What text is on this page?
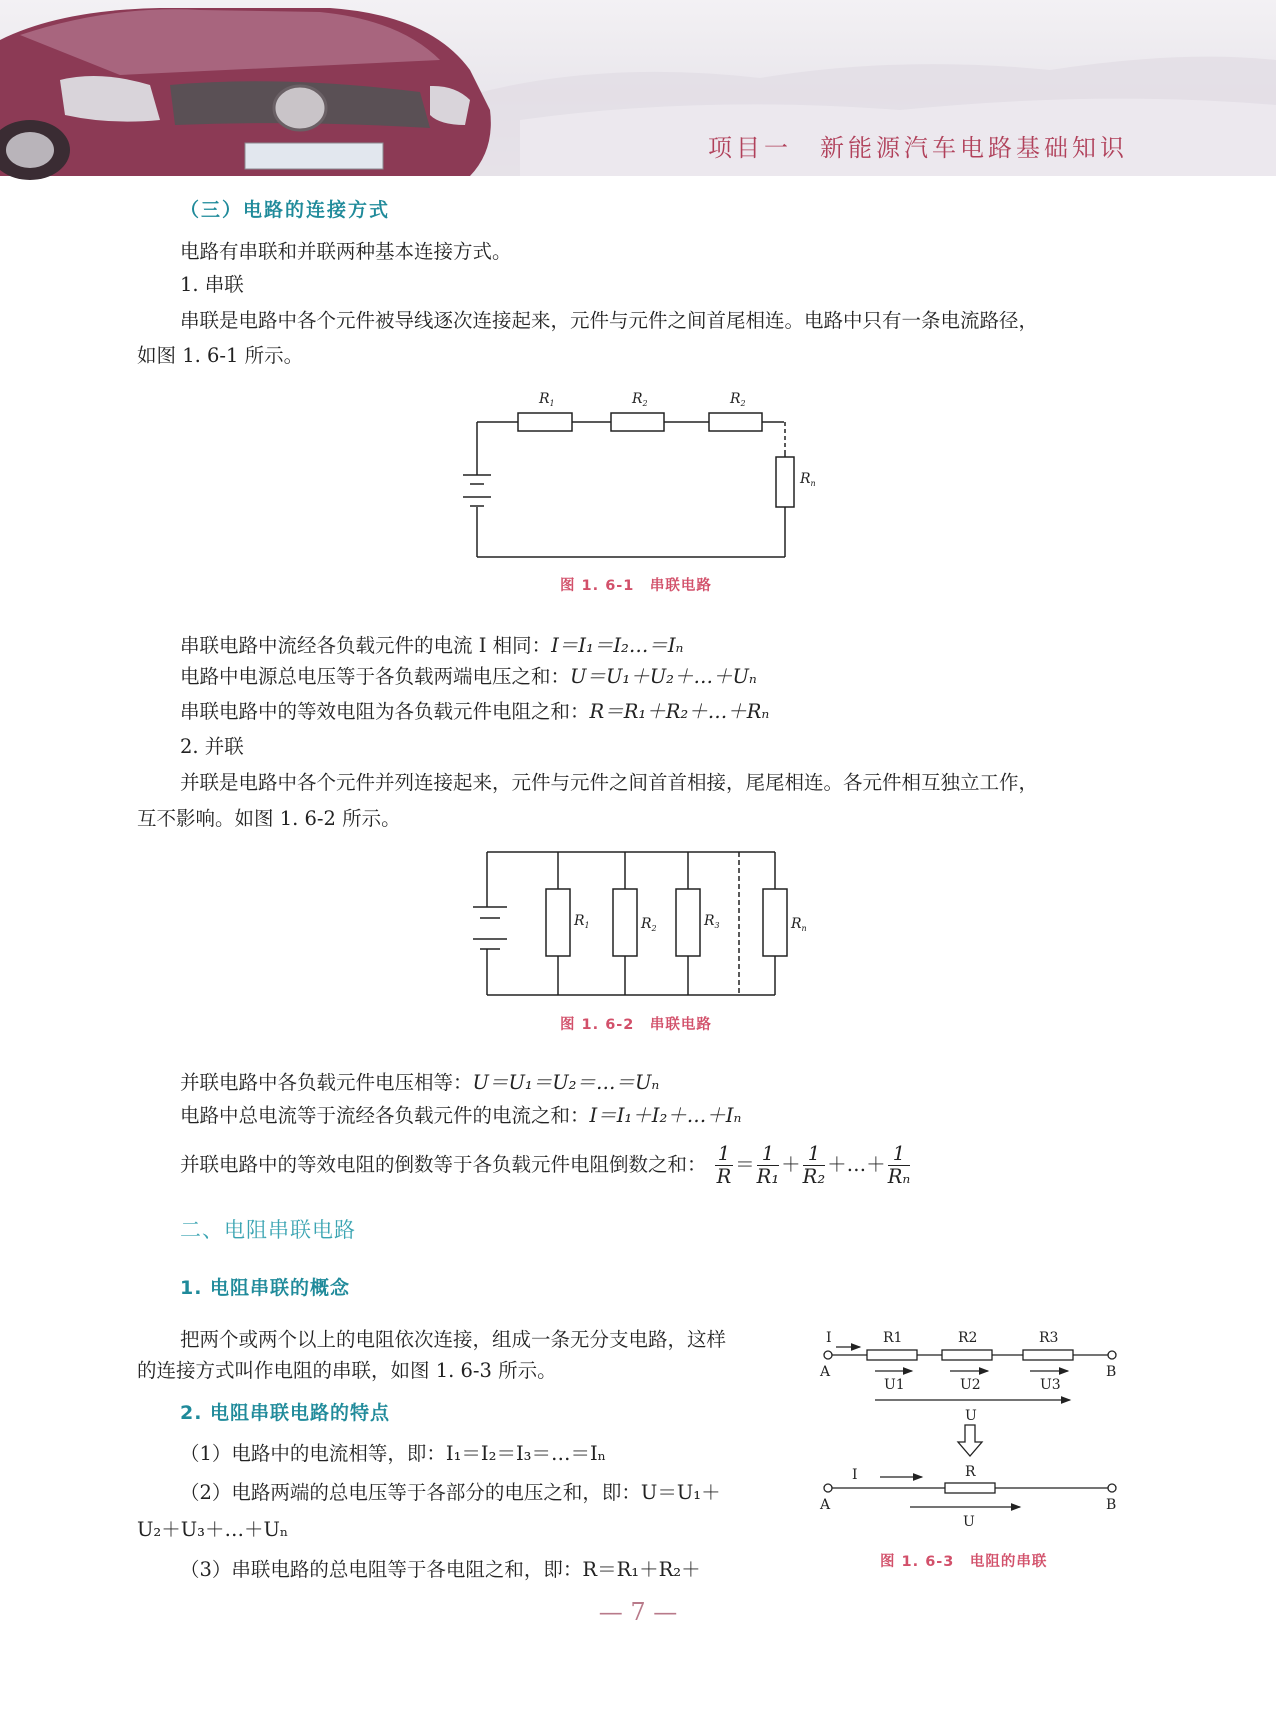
项目一　新能源汽车电路基础知识
（三）电路的连接方式
电路有串联和并联两种基本连接方式。
1. 串联
串联是电路中各个元件被导线逐次连接起来，元件与元件之间首尾相连。电路中只有一条电流路径，
如图 1. 6-1 所示。
$R_1$	$R_2$	$R_2$
$R_n$
图 1. 6-1　串联电路
串联电路中流经各负载元件的电流 I 相同：I＝I₁＝I₂…＝Iₙ
电路中电源总电压等于各负载两端电压之和：U＝U₁＋U₂＋…＋Uₙ
串联电路中的等效电阻为各负载元件电阻之和：R＝R₁＋R₂＋…＋Rₙ
2. 并联
并联是电路中各个元件并列连接起来，元件与元件之间首首相接，尾尾相连。各元件相互独立工作，
互不影响。如图 1. 6-2 所示。
$R_1$	$R_2$	$R_3$	$R_n$
图 1. 6-2　串联电路
并联电路中各负载元件电压相等：U＝U₁＝U₂＝…＝Uₙ
电路中总电流等于流经各负载元件的电流之和：I＝I₁＋I₂＋…＋Iₙ
并联电路中的等效电阻的倒数等于各负载元件电阻倒数之和： $\frac{1}{R} = \frac{1}{\text{R₁}} + \frac{1}{\text{R₂}}$ ＋…＋ $\frac{1}{\text{Rₙ}}$
二、电阻串联电路
1. 电阻串联的概念
把两个或两个以上的电阻依次连接，组成一条无分支电路，这样
的连接方式叫作电阻的串联，如图 1. 6-3 所示。
2. 电阻串联电路的特点
（1）电路中的电流相等，即：I₁＝I₂＝I₃＝…＝Iₙ
（2）电路两端的总电压等于各部分的电压之和，即：U＝U₁＋
U₂＋U₃＋…＋Uₙ
（3）串联电路的总电阻等于各电阻之和，即：R＝R₁＋R₂＋
I
A	B
R1	R2	R3
U1	U2	U3
U
I	R
A	B
U
图 1. 6-3　电阻的串联
— 7 —
